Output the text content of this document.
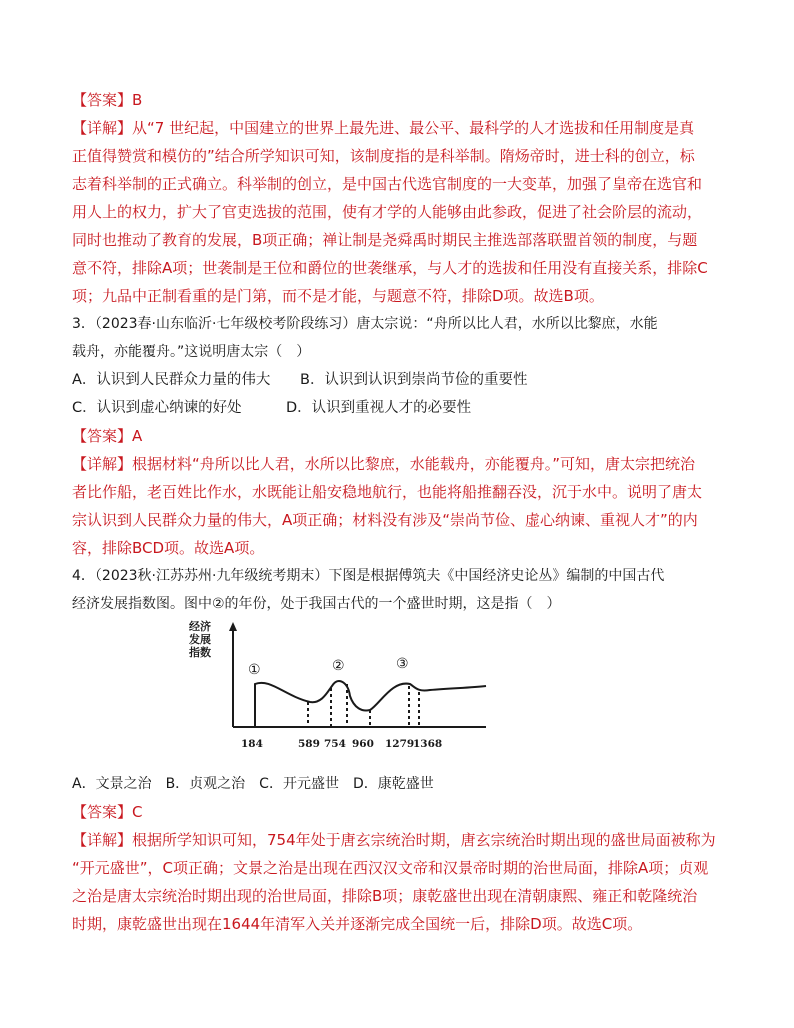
【答案】B
【详解】从“7 世纪起，中国建立的世界上最先进、最公平、最科学的人才选拔和任用制度是真
正值得赞赏和模仿的”结合所学知识可知，该制度指的是科举制。隋炀帝时，进士科的创立，标
志着科举制的正式确立。科举制的创立，是中国古代选官制度的一大变革，加强了皇帝在选官和
用人上的权力，扩大了官吏选拔的范围，使有才学的人能够由此参政，促进了社会阶层的流动，
同时也推动了教育的发展，B项正确；禅让制是尧舜禹时期民主推选部落联盟首领的制度，与题
意不符，排除A项；世袭制是王位和爵位的世袭继承，与人才的选拔和任用没有直接关系，排除C
项；九品中正制看重的是门第，而不是才能，与题意不符，排除D项。故选B项。
3．（2023春·山东临沂·七年级校考阶段练习）唐太宗说：“舟所以比人君，水所以比黎庶，水能
载舟，亦能覆舟。”这说明唐太宗（　）
A．认识到人民群众力量的伟大 B．认识到认识到崇尚节俭的重要性
C．认识到虚心纳谏的好处	D．认识到重视人才的必要性
【答案】A
【详解】根据材料“舟所以比人君，水所以比黎庶，水能载舟，亦能覆舟。”可知，唐太宗把统治
者比作船，老百姓比作水，水既能让船安稳地航行，也能将船推翻吞没，沉于水中。说明了唐太
宗认识到人民群众力量的伟大，A项正确；材料没有涉及“崇尚节俭、虚心纳谏、重视人才”的内
容，排除BCD项。故选A项。
4．（2023秋·江苏苏州·九年级统考期末）下图是根据傅筑夫《中国经济史论丛》编制的中国古代
经济发展指数图。图中②的年份，处于我国古代的一个盛世时期，这是指（　）
经济
发展
指数
①	②	③
184	589 754 960 1279
1368
A．文景之治　B．贞观之治　C．开元盛世　D．康乾盛世
【答案】C
【详解】根据所学知识可知，754年处于唐玄宗统治时期，唐玄宗统治时期出现的盛世局面被称为
“开元盛世”，C项正确；文景之治是出现在西汉汉文帝和汉景帝时期的治世局面，排除A项；贞观
之治是唐太宗统治时期出现的治世局面，排除B项；康乾盛世出现在清朝康熙、雍正和乾隆统治
时期，康乾盛世出现在1644年清军入关并逐渐完成全国统一后，排除D项。故选C项。
